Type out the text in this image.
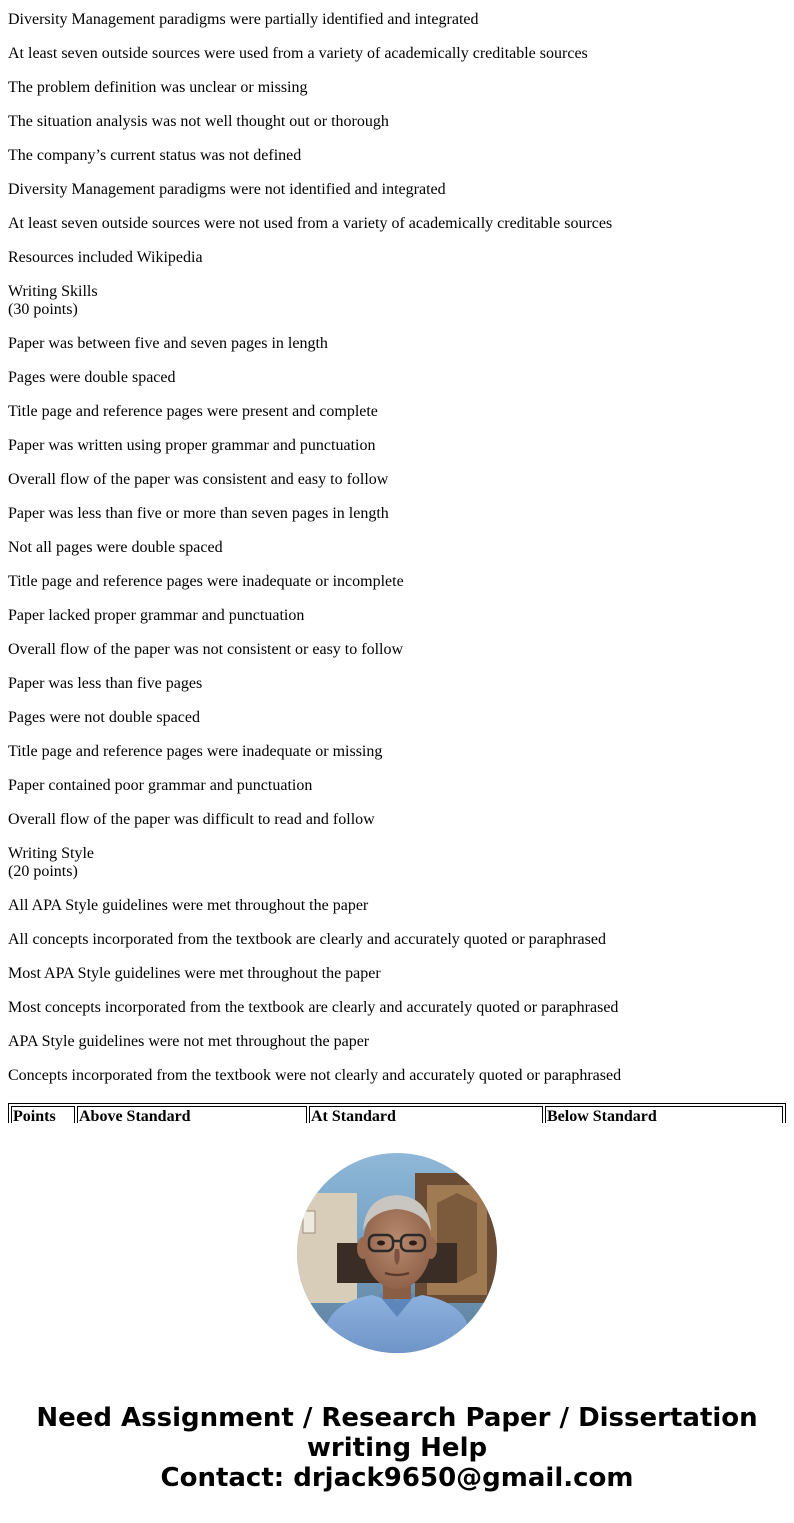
Diversity Management paradigms were partially identified and integrated

At least seven outside sources were used from a variety of academically creditable sources

The problem definition was unclear or missing

The situation analysis was not well thought out or thorough

The company’s current status was not defined

Diversity Management paradigms were not identified and integrated

At least seven outside sources were not used from a variety of academically creditable sources

Resources included Wikipedia

Writing Skills
(30 points)

Paper was between five and seven pages in length

Pages were double spaced

Title page and reference pages were present and complete

Paper was written using proper grammar and punctuation

Overall flow of the paper was consistent and easy to follow

Paper was less than five or more than seven pages in length

Not all pages were double spaced

Title page and reference pages were inadequate or incomplete

Paper lacked proper grammar and punctuation

Overall flow of the paper was not consistent or easy to follow

Paper was less than five pages

Pages were not double spaced

Title page and reference pages were inadequate or missing

Paper contained poor grammar and punctuation

Overall flow of the paper was difficult to read and follow

Writing Style
(20 points)

All APA Style guidelines were met throughout the paper

All concepts incorporated from the textbook are clearly and accurately quoted or paraphrased

Most APA Style guidelines were met throughout the paper

Most concepts incorporated from the textbook are clearly and accurately quoted or paraphrased

APA Style guidelines were not met throughout the paper

Concepts incorporated from the textbook were not clearly and accurately quoted or paraphrased

Points	Above Standard	At Standard	Below Standard
Need Assignment / Research Paper / Dissertation
writing Help
Contact: drjack9650@gmail.com
